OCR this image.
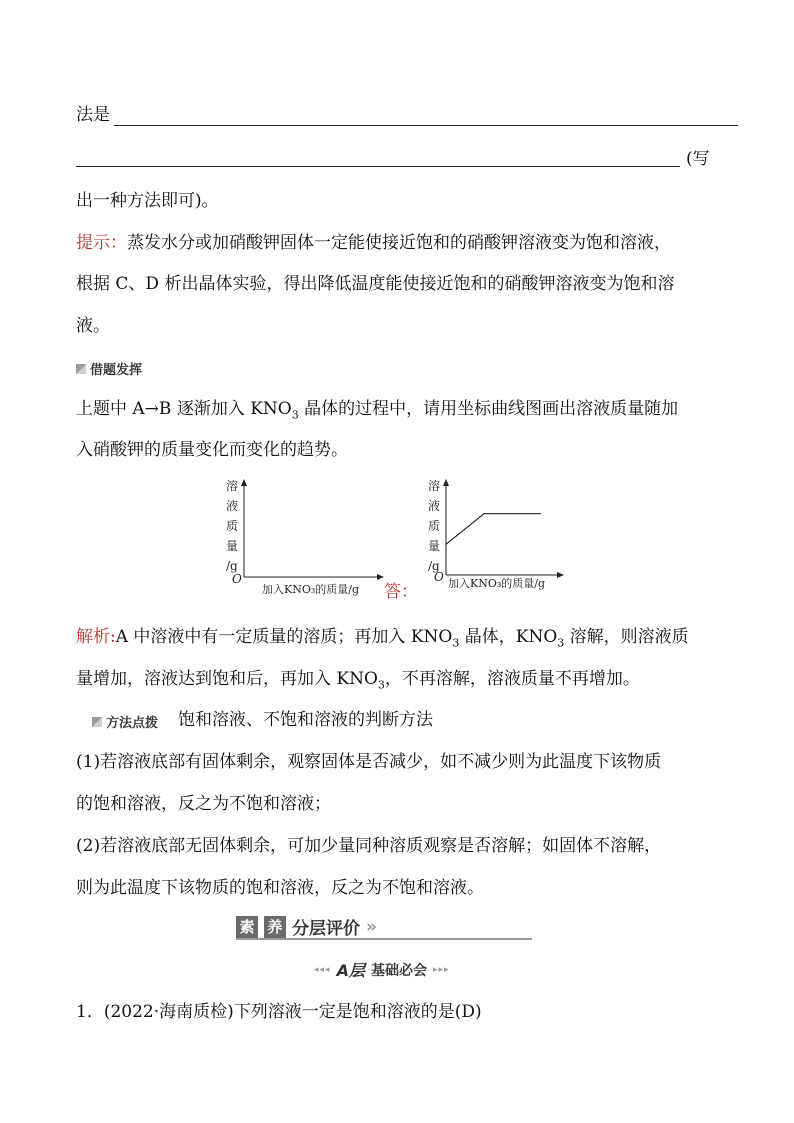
法是
(写
出一种方法即可)。
提示：蒸发水分或加硝酸钾固体一定能使接近饱和的硝酸钾溶液变为饱和溶液，
根据 C、D 析出晶体实验，得出降低温度能使接近饱和的硝酸钾溶液变为饱和溶
液。
借题发挥
上题中 A→B 逐渐加入 $KNO_3$ 晶体的过程中，请用坐标曲线图画出溶液质量随加
入硝酸钾的质量变化而变化的趋势。
溶
液
质
量
/g
O
加入KNO₃的质量/g 答：
溶
液
质
量
/g
O 加入KNO₃的质量/g
解析:A 中溶液中有一定质量的溶质；再加入 $KNO_3$ 晶体，$KNO_3$ 溶解，则溶液质
量增加，溶液达到饱和后，再加入 $KNO_3$，不再溶解，溶液质量不再增加。
方法点拨 饱和溶液、不饱和溶液的判断方法
(1)若溶液底部有固体剩余，观察固体是否减少，如不减少则为此温度下该物质
的饱和溶液，反之为不饱和溶液；
(2)若溶液底部无固体剩余，可加少量同种溶质观察是否溶解；如固体不溶解，
则为此温度下该物质的饱和溶液，反之为不饱和溶液。
素 养 分层评价 »
◂◂◂ A层 基础必会 ▸▸▸
1．(2022·海南质检)下列溶液一定是饱和溶液的是(D)
